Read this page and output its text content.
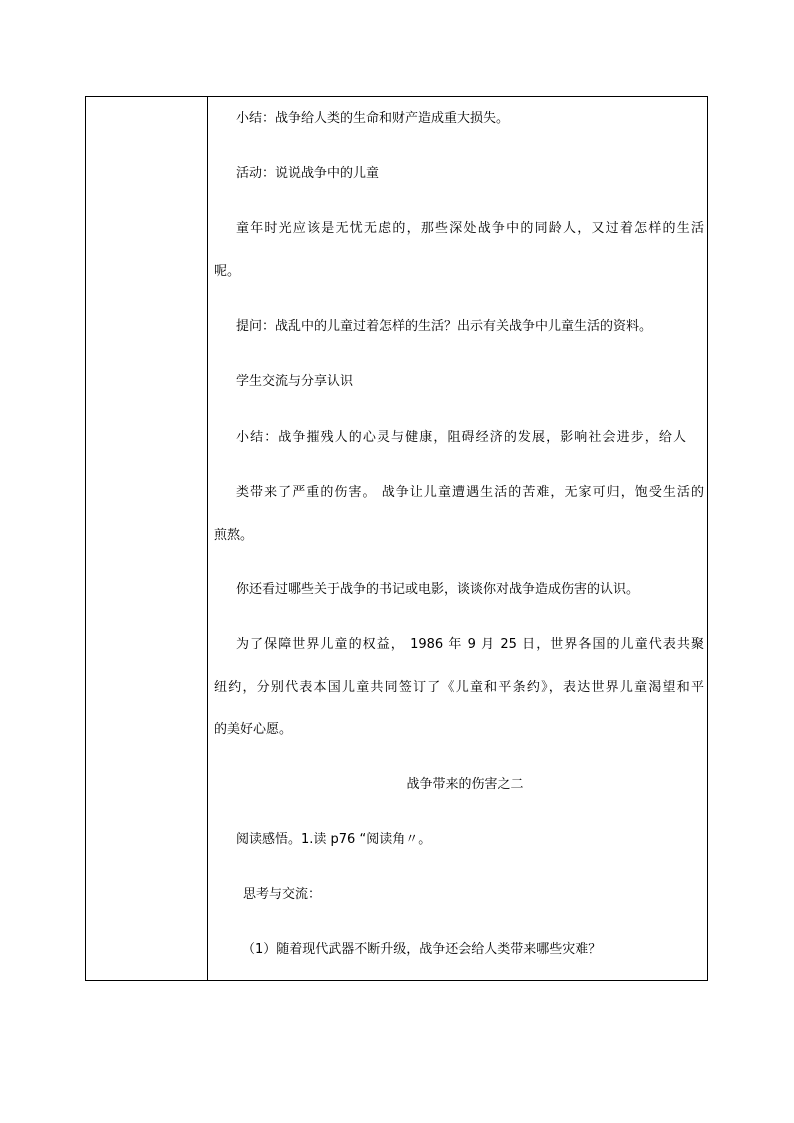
小结：战争给人类的生命和财产造成重大损失。
活动：说说战争中的儿童
童年时光应该是无忧无虑的，那些深处战争中的同龄人，又过着怎样的生活
呢。
提问：战乱中的儿童过着怎样的生活？出示有关战争中儿童生活的资料。
学生交流与分享认识
小结：战争摧残人的心灵与健康，阻碍经济的发展，影响社会进步，给人
类带来了严重的伤害。 战争让儿童遭遇生活的苦难，无家可归，饱受生活的
煎熬。
你还看过哪些关于战争的书记或电影，谈谈你对战争造成伤害的认识。
为了保障世界儿童的权益， 1986 年 9 月 25 日，世界各国的儿童代表共聚
纽约，分别代表本国儿童共同签订了《儿童和平条约》，表达世界儿童渴望和平
的美好心愿。
战争带来的伤害之二
阅读感悟。1.读 p76 “阅读角〃。
思考与交流：
（1）随着现代武器不断升级，战争还会给人类带来哪些灾难？
